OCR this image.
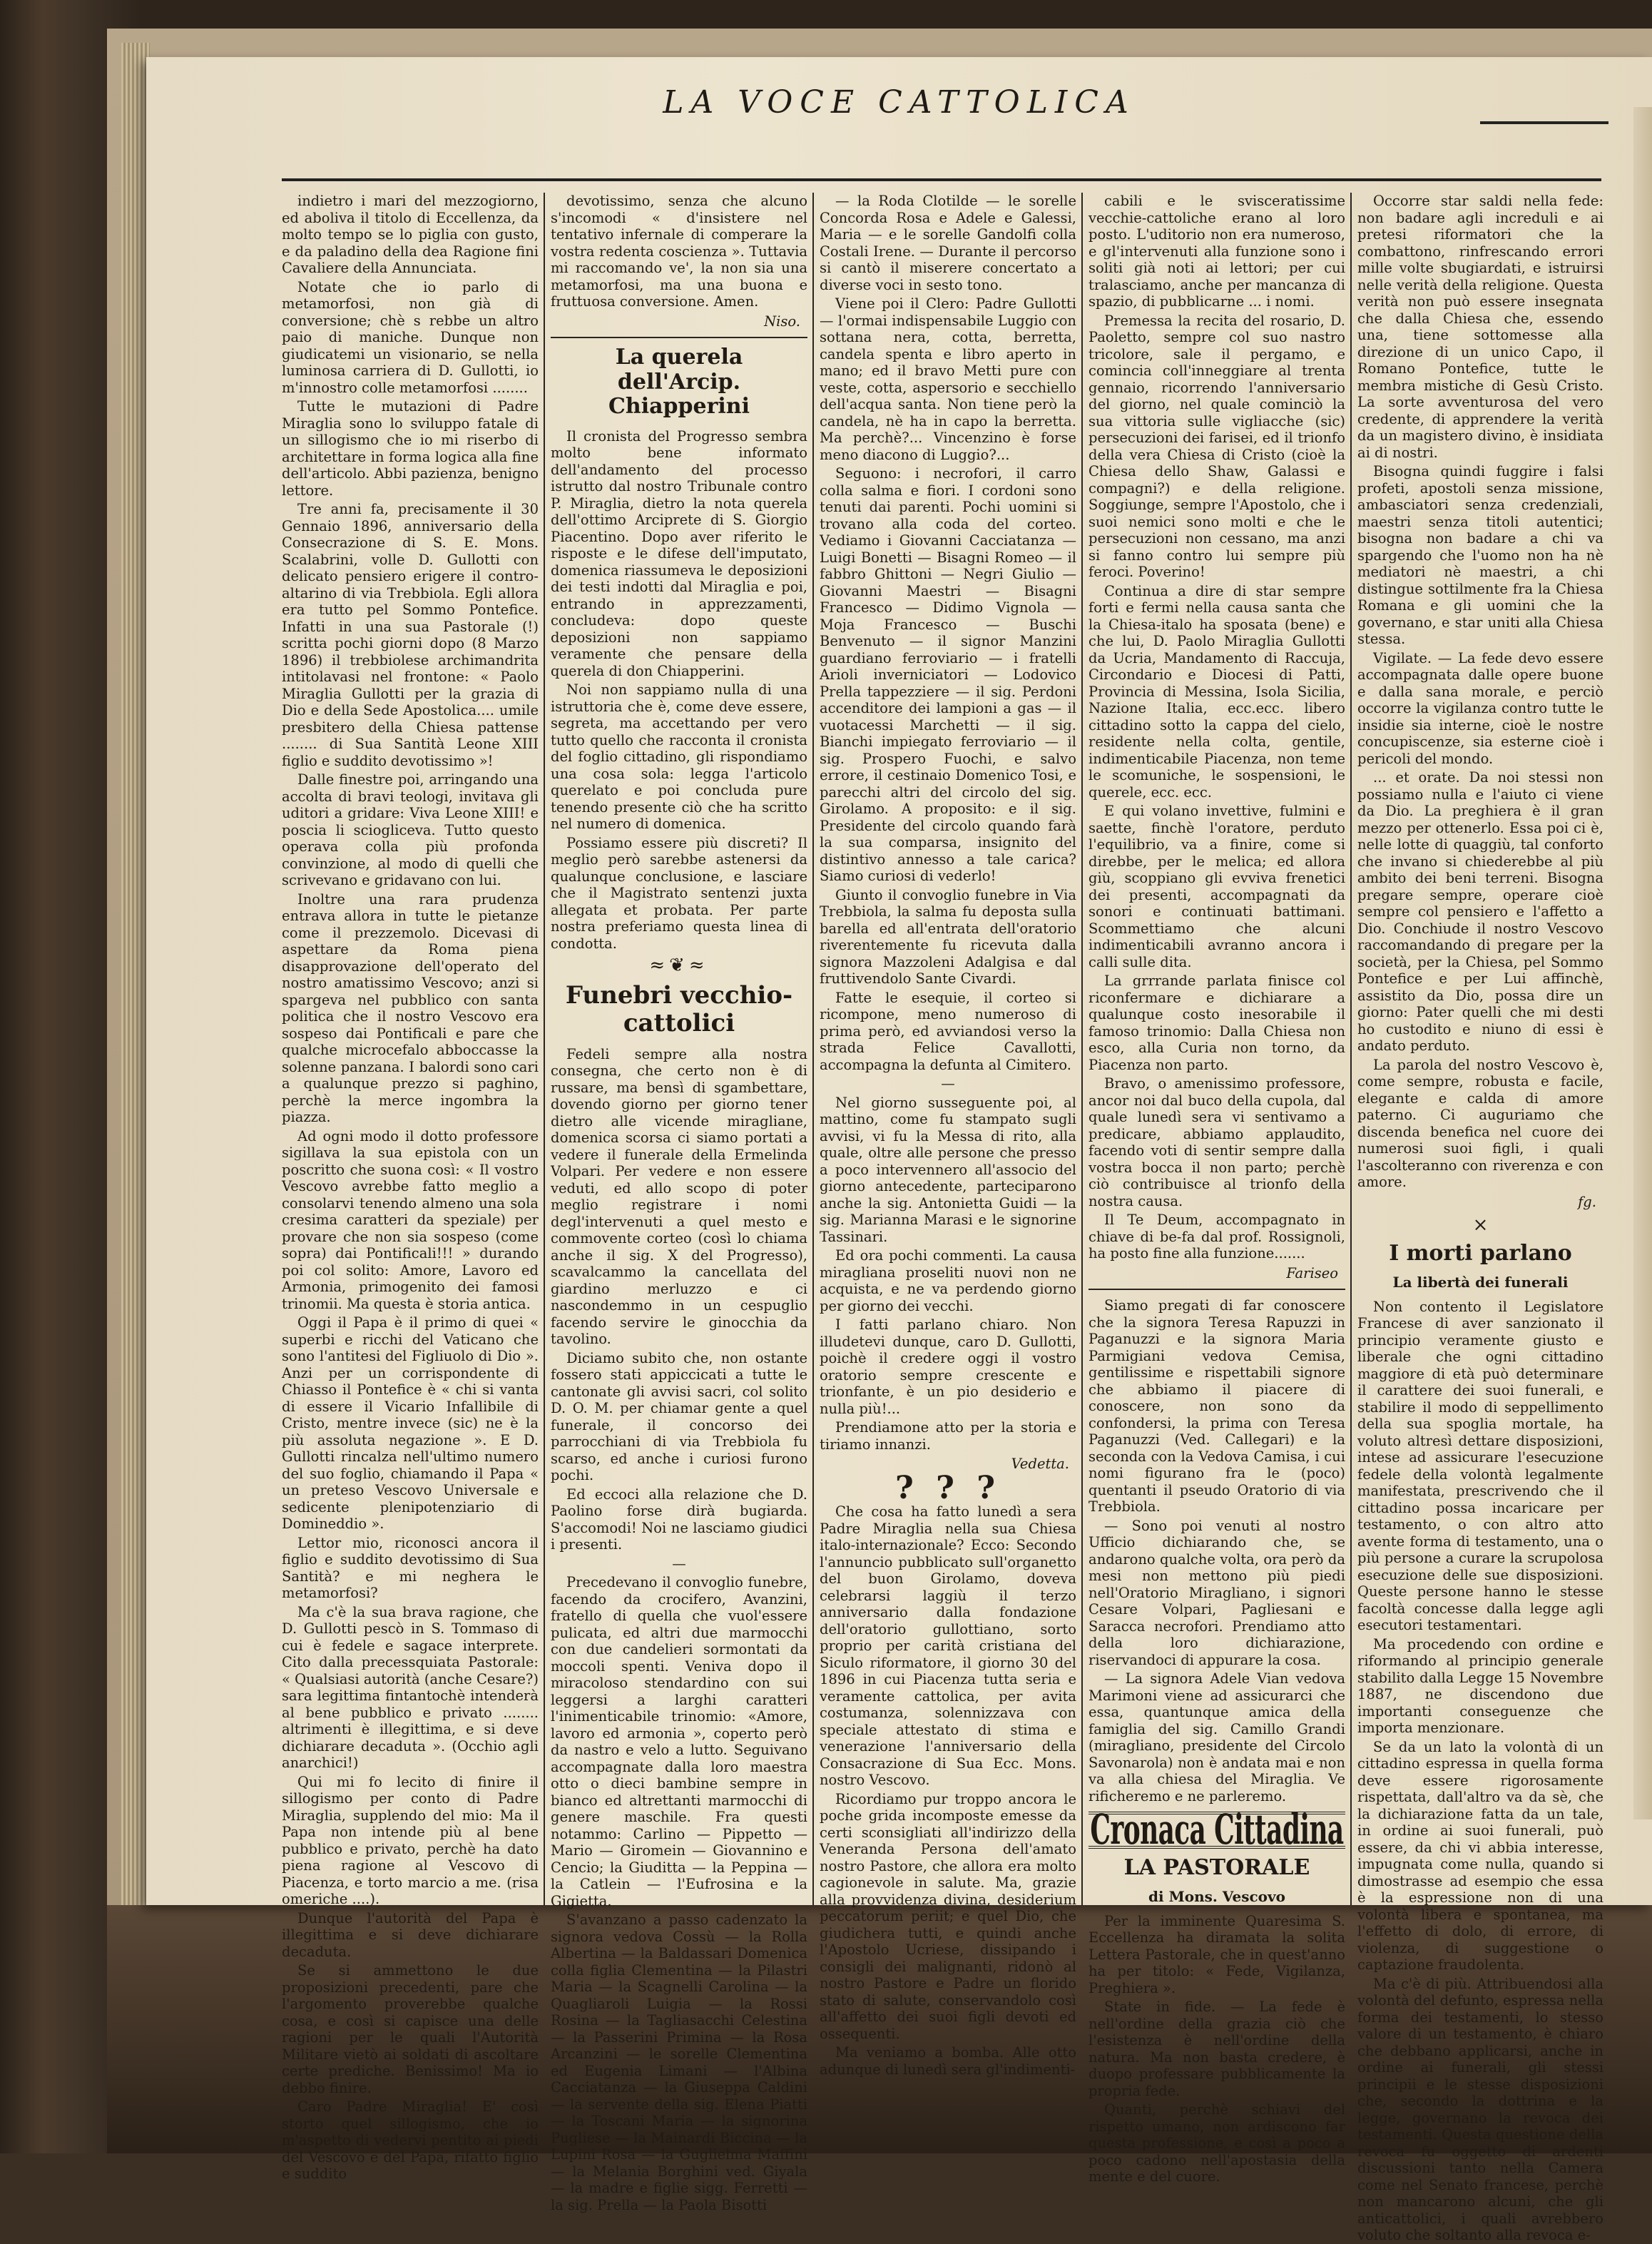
LA VOCE CATTOLICA

indietro i mari del mezzogiorno, ed aboliva il titolo di Eccellenza, da molto tempo se lo piglia con gusto, e da paladino della dea Ragione fini Cavaliere della Annunciata.

Notate che io parlo di metamorfosi, non già di conversione; chè s rebbe un altro paio di maniche. Dunque non giudicatemi un visionario, se nella luminosa carriera di D. Gullotti, io m'innostro colle metamorfosi ........

Tutte le mutazioni di Padre Miraglia sono lo sviluppo fatale di un sillogismo che io mi riserbo di architettare in forma logica alla fine dell'articolo. Abbi pazienza, benigno lettore.

Tre anni fa, precisamente il 30 Gennaio 1896, anniversario della Consecrazione di S. E. Mons. Scalabrini, volle D. Gullotti con delicato pensiero erigere il contro-altarino di via Trebbiola. Egli allora era tutto pel Sommo Pontefice. Infatti in una sua Pastorale (!) scritta pochi giorni dopo (8 Marzo 1896) il trebbiolese archimandrita intitolavasi nel frontone: « Paolo Miraglia Gullotti per la grazia di Dio e della Sede Apostolica.... umile presbitero della Chiesa pattense ........ di Sua Santità Leone XIII figlio e suddito devotissimo »!

Dalle finestre poi, arringando una accolta di bravi teologi, invitava gli uditori a gridare: Viva Leone XIII! e poscia li sciogliceva. Tutto questo operava colla più profonda convinzione, al modo di quelli che scrivevano e gridavano con lui.

Inoltre una rara prudenza entrava allora in tutte le pietanze come il prezzemolo. Dicevasi di aspettare da Roma piena disapprovazione dell'operato del nostro amatissimo Vescovo; anzi si spargeva nel pubblico con santa politica che il nostro Vescovo era sospeso dai Pontificali e pare che qualche microcefalo abboccasse la solenne panzana. I balordi sono cari a qualunque prezzo si paghino, perchè la merce ingombra la piazza.

Ad ogni modo il dotto professore sigillava la sua epistola con un poscritto che suona così: « Il vostro Vescovo avrebbe fatto meglio a consolarvi tenendo almeno una sola cresima caratteri da speziale) per provare che non sia sospeso (come sopra) dai Pontificali!!! » durando poi col solito: Amore, Lavoro ed Armonia, primogenito dei famosi trinomii. Ma questa è storia antica.

Oggi il Papa è il primo di quei « superbi e ricchi del Vaticano che sono l'antitesi del Figliuolo di Dio ». Anzi per un corrispondente di Chiasso il Pontefice è « chi si vanta di essere il Vicario Infallibile di Cristo, mentre invece (sic) ne è la più assoluta negazione ». E D. Gullotti rincalza nell'ultimo numero del suo foglio, chiamando il Papa « un preteso Vescovo Universale e sedicente plenipotenziario di Domineddio ».

Lettor mio, riconosci ancora il figlio e suddito devotissimo di Sua Santità? e mi neghera le metamorfosi?

Ma c'è la sua brava ragione, che D. Gullotti pescò in S. Tommaso di cui è fedele e sagace interprete. Cito dalla precessquiata Pastorale: « Qualsiasi autorità (anche Cesare?) sara legittima fintantochè intenderà al bene pubblico e privato ........ altrimenti è illegittima, e si deve dichiarare decaduta ». (Occhio agli anarchici!)

Qui mi fo lecito di finire il sillogismo per conto di Padre Miraglia, supplendo del mio: Ma il Papa non intende più al bene pubblico e privato, perchè ha dato piena ragione al Vescovo di Piacenza, e torto marcio a me. (risa omeriche ....).

Dunque l'autorità del Papa è illegittima e si deve dichiarare decaduta.

Se si ammettono le due proposizioni precedenti, pare che l'argomento proverebbe qualche cosa, e così si capisce una delle ragioni per le quali l'Autorità Militare vietò ai soldati di ascoltare certe prediche. Benissimo! Ma io debbo finire.

Caro Padre Miraglia! E' così storto quel sillogismo, che io m'aspetto di vedervi pentito ai piedi del Vescovo e del Papa, rifatto figlio e suddito

devotissimo, senza che alcuno s'incomodi « d'insistere nel tentativo infernale di comperare la vostra redenta coscienza ». Tuttavia mi raccomando ve', la non sia una metamorfosi, ma una buona e fruttuosa conversione. Amen.

Niso.
La querela dell'Arcip. Chiapperini

Il cronista del Progresso sembra molto bene informato dell'andamento del processo istrutto dal nostro Tribunale contro P. Miraglia, dietro la nota querela dell'ottimo Arciprete di S. Giorgio Piacentino. Dopo aver riferito le risposte e le difese dell'imputato, domenica riassumeva le deposizioni dei testi indotti dal Miraglia e poi, entrando in apprezzamenti, concludeva: dopo queste deposizioni non sappiamo veramente che pensare della querela di don Chiapperini.

Noi non sappiamo nulla di una istruttoria che è, come deve essere, segreta, ma accettando per vero tutto quello che racconta il cronista del foglio cittadino, gli rispondiamo una cosa sola: legga l'articolo querelato e poi concluda pure tenendo presente ciò che ha scritto nel numero di domenica.

Possiamo essere più discreti? Il meglio però sarebbe astenersi da qualunque conclusione, e lasciare che il Magistrato sentenzi juxta allegata et probata. Per parte nostra preferiamo questa linea di condotta.

≈❦≈
Funebri vecchio-cattolici

Fedeli sempre alla nostra consegna, che certo non è di russare, ma bensì di sgambettare, dovendo giorno per giorno tener dietro alle vicende miragliane, domenica scorsa ci siamo portati a vedere il funerale della Ermelinda Volpari. Per vedere e non essere veduti, ed allo scopo di poter meglio registrare i nomi degl'intervenuti a quel mesto e commovente corteo (così lo chiama anche il sig. X del Progresso), scavalcammo la cancellata del giardino merluzzo e ci nascondemmo in un cespuglio facendo servire le ginocchia da tavolino.

Diciamo subito che, non ostante fossero stati appiccicati a tutte le cantonate gli avvisi sacri, col solito D. O. M. per chiamar gente a quel funerale, il concorso dei parrocchiani di via Trebbiola fu scarso, ed anche i curiosi furono pochi.

Ed eccoci alla relazione che D. Paolino forse dirà bugiarda. S'accomodi! Noi ne lasciamo giudici i presenti.

—

Precedevano il convoglio funebre, facendo da crocifero, Avanzini, fratello di quella che vuol'essere pulicata, ed altri due marmocchi con due candelieri sormontati da moccoli spenti. Veniva dopo il miracoloso stendardino con sui leggersi a larghi caratteri l'inimenticabile trinomio: «Amore, lavoro ed armonia », coperto però da nastro e velo a lutto. Seguivano accompagnate dalla loro maestra otto o dieci bambine sempre in bianco ed altrettanti marmocchi di genere maschile. Fra questi notammo: Carlino — Pippetto — Mario — Giromein — Giovannino e Cencio; la Giuditta — la Peppina — la Catlein — l'Eufrosina e la Gigietta.

S'avanzano a passo cadenzato la signora vedova Cossù — la Rolla Albertina — la Baldassari Domenica colla figlia Clementina — la Pilastri Maria — la Scagnelli Carolina — la Quagliaroli Luigia — la Rossi Rosina — la Tagliasacchi Celestina — la Passerini Primina — la Rosa Arcanzini — le sorelle Clementina ed Eugenia Limani — l'Albina Cacciatanza — la Giuseppa Caldini — la servente della sig. Elena Piatti — la Toscani Maria — la signorina Pugliese — la Mainardi Biccina — la Lupini Rosa — la Guglielma Maffini — la Melania Borghini ved. Giyala — la madre e figlie sigg. Ferretti — la sig. Prella — la Paola Bisotti

— la Roda Clotilde — le sorelle Concorda Rosa e Adele e Galessi, Maria — e le sorelle Gandolfi colla Costali Irene. — Durante il percorso si cantò il miserere concertato a diverse voci in sesto tono.

Viene poi il Clero: Padre Gullotti — l'ormai indispensabile Luggio con sottana nera, cotta, berretta, candela spenta e libro aperto in mano; ed il bravo Metti pure con veste, cotta, aspersorio e secchiello dell'acqua santa. Non tiene però la candela, nè ha in capo la berretta. Ma perchè?... Vincenzino è forse meno diacono di Luggio?...

Seguono: i necrofori, il carro colla salma e fiori. I cordoni sono tenuti dai parenti. Pochi uomini si trovano alla coda del corteo. Vediamo i Giovanni Cacciatanza — Luigi Bonetti — Bisagni Romeo — il fabbro Ghittoni — Negri Giulio — Giovanni Maestri — Bisagni Francesco — Didimo Vignola — Moja Francesco — Buschi Benvenuto — il signor Manzini guardiano ferroviario — i fratelli Arioli inverniciatori — Lodovico Prella tappezziere — il sig. Perdoni accenditore dei lampioni a gas — il vuotacessi Marchetti — il sig. Bianchi impiegato ferroviario — il sig. Prospero Fuochi, e salvo errore, il cestinaio Domenico Tosi, e parecchi altri del circolo del sig. Girolamo. A proposito: e il sig. Presidente del circolo quando farà la sua comparsa, insignito del distintivo annesso a tale carica? Siamo curiosi di vederlo!

Giunto il convoglio funebre in Via Trebbiola, la salma fu deposta sulla barella ed all'entrata dell'oratorio riverentemente fu ricevuta dalla signora Mazzoleni Adalgisa e dal fruttivendolo Sante Civardi.

Fatte le esequie, il corteo si ricompone, meno numeroso di prima però, ed avviandosi verso la strada Felice Cavallotti, accompagna la defunta al Cimitero.

—

Nel giorno susseguente poi, al mattino, come fu stampato sugli avvisi, vi fu la Messa di rito, alla quale, oltre alle persone che presso a poco intervennero all'associo del giorno antecedente, parteciparono anche la sig. Antonietta Guidi — la sig. Marianna Marasi e le signorine Tassinari.

Ed ora pochi commenti. La causa miragliana proseliti nuovi non ne acquista, e ne va perdendo giorno per giorno dei vecchi.

I fatti parlano chiaro. Non illudetevi dunque, caro D. Gullotti, poichè il credere oggi il vostro oratorio sempre crescente e trionfante, è un pio desiderio e nulla più!...

Prendiamone atto per la storia e tiriamo innanzi.

Vedetta.
? ? ?

Che cosa ha fatto lunedì a sera Padre Miraglia nella sua Chiesa italo-internazionale? Ecco: Secondo l'annuncio pubblicato sull'organetto del buon Girolamo, doveva celebrarsi laggiù il terzo anniversario dalla fondazione dell'oratorio gullottiano, sorto proprio per carità cristiana del Siculo riformatore, il giorno 30 del 1896 in cui Piacenza tutta seria e veramente cattolica, per avita costumanza, solennizzava con speciale attestato di stima e venerazione l'anniversario della Consacrazione di Sua Ecc. Mons. nostro Vescovo.

Ricordiamo pur troppo ancora le poche grida incomposte emesse da certi sconsigliati all'indirizzo della Veneranda Persona dell'amato nostro Pastore, che allora era molto cagionevole in salute. Ma, grazie alla provvidenza divina, desiderium peccatorum periit; e quel Dio, che giudichera tutti, e quindi anche l'Apostolo Ucriese, dissipando i consigli dei malignanti, ridonò al nostro Pastore e Padre un florido stato di salute, conservandolo così all'affetto dei suoi figli devoti ed ossequenti.

Ma veniamo a bomba. Alle otto adunque di lunedì sera gl'indimenti-

cabili e le svisceratissime vecchie-cattoliche erano al loro posto. L'uditorio non era numeroso, e gl'intervenuti alla funzione sono i soliti già noti ai lettori; per cui tralasciamo, anche per mancanza di spazio, di pubblicarne ... i nomi.

Premessa la recita del rosario, D. Paoletto, sempre col suo nastro tricolore, sale il pergamo, e comincia coll'inneggiare al trenta gennaio, ricorrendo l'anniversario del giorno, nel quale cominciò la sua vittoria sulle vigliacche (sic) persecuzioni dei farisei, ed il trionfo della vera Chiesa di Cristo (cioè la Chiesa dello Shaw, Galassi e compagni?) e della religione. Soggiunge, sempre l'Apostolo, che i suoi nemici sono molti e che le persecuzioni non cessano, ma anzi si fanno contro lui sempre più feroci. Poverino!

Continua a dire di star sempre forti e fermi nella causa santa che la Chiesa-italo ha sposata (bene) e che lui, D. Paolo Miraglia Gullotti da Ucria, Mandamento di Raccuja, Circondario e Diocesi di Patti, Provincia di Messina, Isola Sicilia, Nazione Italia, ecc.ecc. libero cittadino sotto la cappa del cielo, residente nella colta, gentile, indimenticabile Piacenza, non teme le scomuniche, le sospensioni, le querele, ecc. ecc.

E qui volano invettive, fulmini e saette, finchè l'oratore, perduto l'equilibrio, va a finire, come si direbbe, per le melica; ed allora giù, scoppiano gli evviva frenetici dei presenti, accompagnati da sonori e continuati battimani. Scommettiamo che alcuni indimenticabili avranno ancora i calli sulle dita.

La grrrande parlata finisce col riconfermare e dichiarare a qualunque costo inesorabile il famoso trinomio: Dalla Chiesa non esco, alla Curia non torno, da Piacenza non parto.

Bravo, o amenissimo professore, ancor noi dal buco della cupola, dal quale lunedì sera vi sentivamo a predicare, abbiamo applaudito, facendo voti di sentir sempre dalla vostra bocca il non parto; perchè ciò contribuisce al trionfo della nostra causa.

Il Te Deum, accompagnato in chiave di be-fa dal prof. Rossignoli, ha posto fine alla funzione.......

Fariseo

Siamo pregati di far conoscere che la signora Teresa Rapuzzi in Paganuzzi e la signora Maria Parmigiani vedova Cemisa, gentilissime e rispettabili signore che abbiamo il piacere di conoscere, non sono da confondersi, la prima con Teresa Paganuzzi (Ved. Callegari) e la seconda con la Vedova Camisa, i cui nomi figurano fra le (poco) quentanti il pseudo Oratorio di via Trebbiola.

— Sono poi venuti al nostro Ufficio dichiarando che, se andarono qualche volta, ora però da mesi non mettono più piedi nell'Oratorio Miragliano, i signori Cesare Volpari, Pagliesani e Saracca necrofori. Prendiamo atto della loro dichiarazione, riservandoci di appurare la cosa.

— La signora Adele Vian vedova Marimoni viene ad assicurarci che essa, quantunque amica della famiglia del sig. Camillo Grandi (miragliano, presidente del Circolo Savonarola) non è andata mai e non va alla chiesa del Miraglia. Ve rificheremo e ne parleremo.

Cronaca Cittadina
LA PASTORALE
di Mons. Vescovo

Per la imminente Quaresima S. Eccellenza ha diramata la solita Lettera Pastorale, che in quest'anno ha per titolo: « Fede, Vigilanza, Preghiera ».

State in fide. — La fede è nell'ordine della grazia ciò che l'esistenza è nell'ordine della natura. Ma non basta credere, è duopo professare pubblicamente la propria fede.

Quanti, perchè schiavi del rispetto umano, non ardiscono far questa professione, e così a poco a poco cadono nell'apostasia della mente e del cuore.

Occorre star saldi nella fede: non badare agli increduli e ai pretesi riformatori che la combattono, rinfrescando errori mille volte sbugiardati, e istruirsi nelle verità della religione. Questa verità non può essere insegnata che dalla Chiesa che, essendo una, tiene sottomesse alla direzione di un unico Capo, il Romano Pontefice, tutte le membra mistiche di Gesù Cristo. La sorte avventurosa del vero credente, di apprendere la verità da un magistero divino, è insidiata ai di nostri.

Bisogna quindi fuggire i falsi profeti, apostoli senza missione, ambasciatori senza credenziali, maestri senza titoli autentici; bisogna non badare a chi va spargendo che l'uomo non ha nè mediatori nè maestri, a chi distingue sottilmente fra la Chiesa Romana e gli uomini che la governano, e star uniti alla Chiesa stessa.

Vigilate. — La fede devo essere accompagnata dalle opere buone e dalla sana morale, e perciò occorre la vigilanza contro tutte le insidie sia interne, cioè le nostre concupiscenze, sia esterne cioè i pericoli del mondo.

... et orate. Da noi stessi non possiamo nulla e l'aiuto ci viene da Dio. La preghiera è il gran mezzo per ottenerlo. Essa poi ci è, nelle lotte di quaggiù, tal conforto che invano si chiederebbe al più ambito dei beni terreni. Bisogna pregare sempre, operare cioè sempre col pensiero e l'affetto a Dio. Conchiude il nostro Vescovo raccomandando di pregare per la società, per la Chiesa, pel Sommo Pontefice e per Lui affinchè, assistito da Dio, possa dire un giorno: Pater quelli che mi desti ho custodito e niuno di essi è andato perduto.

La parola del nostro Vescovo è, come sempre, robusta e facile, elegante e calda di amore paterno. Ci auguriamo che discenda benefica nel cuore dei numerosi suoi figli, i quali l'ascolteranno con riverenza e con amore.

fg.
×
I morti parlano
La libertà dei funerali

Non contento il Legislatore Francese di aver sanzionato il principio veramente giusto e liberale che ogni cittadino maggiore di età può determinare il carattere dei suoi funerali, e stabilire il modo di seppellimento della sua spoglia mortale, ha voluto altresì dettare disposizioni, intese ad assicurare l'esecuzione fedele della volontà legalmente manifestata, prescrivendo che il cittadino possa incaricare per testamento, o con altro atto avente forma di testamento, una o più persone a curare la scrupolosa esecuzione delle sue disposizioni. Queste persone hanno le stesse facoltà concesse dalla legge agli esecutori testamentari.

Ma procedendo con ordine e riformando al principio generale stabilito dalla Legge 15 Novembre 1887, ne discendono due importanti conseguenze che importa menzionare.

Se da un lato la volontà di un cittadino espressa in quella forma deve essere rigorosamente rispettata, dall'altro va da sè, che la dichiarazione fatta da un tale, in ordine ai suoi funerali, può essere, da chi vi abbia interesse, impugnata come nulla, quando si dimostrasse ad esempio che essa è la espressione non di una volontà libera e spontanea, ma l'effetto di dolo, di errore, di violenza, di suggestione o captazione fraudolenta.

Ma c'è di più. Attribuendosi alla volontà del defunto, espressa nella forma dei testamenti, lo stesso valore di un testamento, è chiaro che debbano applicarsi, anche in ordine ai funerali, gli stessi principii e le stesse disposizioni che, secondo la dottrina e la legge, governano la revoca dei testamenti. Questa questione della revoca fu oggetto di ardenti discussioni tanto nella Camera come nel Senato francese, perchè non mancarono alcuni, che gli anticattolici, i quali avrebbero voluto che soltanto alla revoca e-
